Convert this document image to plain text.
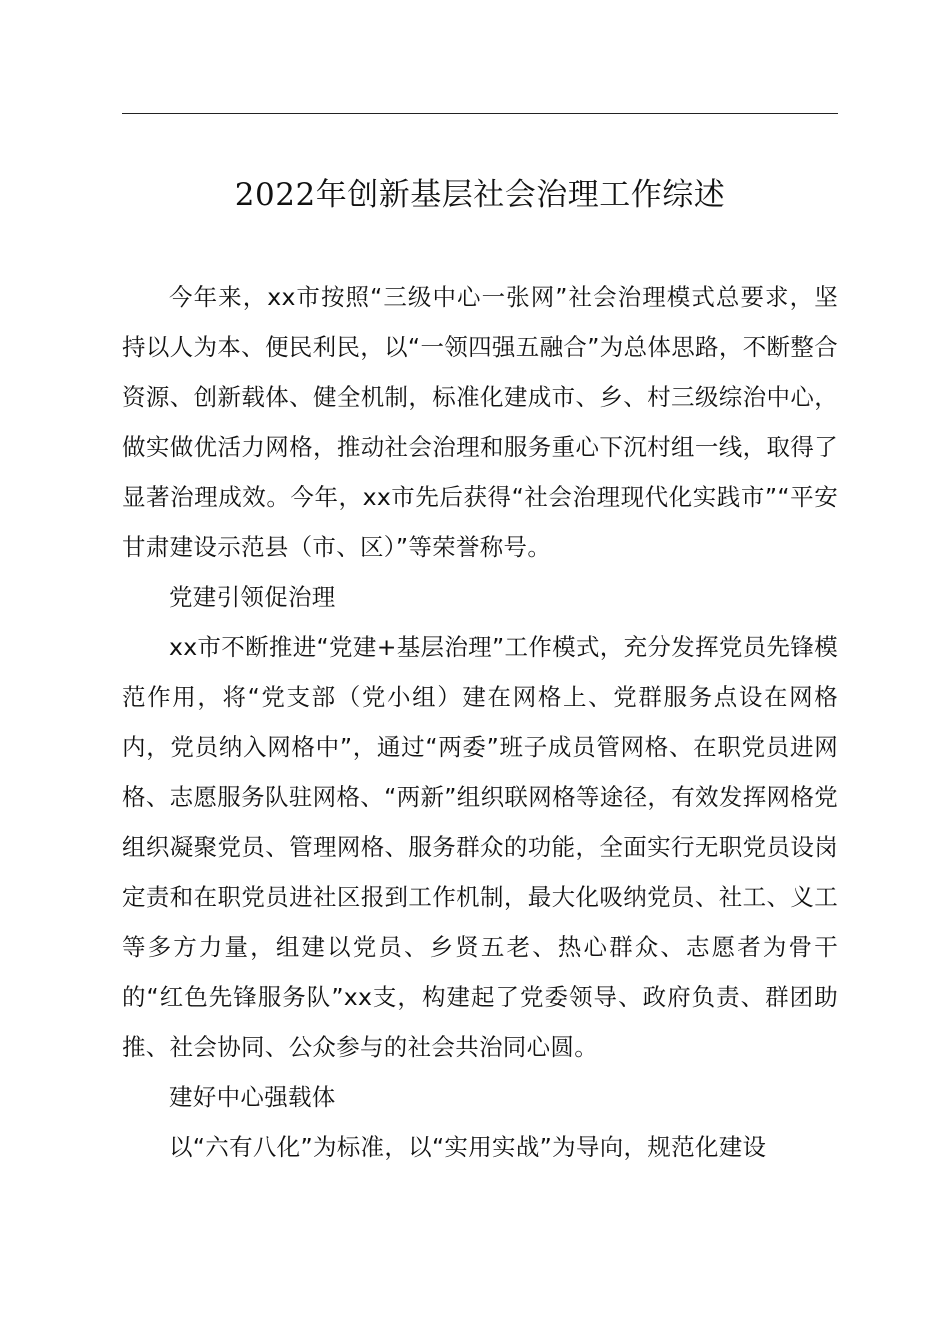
2022年创新基层社会治理工作综述

今年来，xx市按照“三级中心一张网”社会治理模式总要求，坚持以人为本、便民利民，以“一领四强五融合”为总体思路，不断整合资源、创新载体、健全机制，标准化建成市、乡、村三级综治中心，做实做优活力网格，推动社会治理和服务重心下沉村组一线，取得了显著治理成效。今年，xx市先后获得“社会治理现代化实践市”“平安甘肃建设示范县（市、区）”等荣誉称号。

党建引领促治理

xx市不断推进“党建+基层治理”工作模式，充分发挥党员先锋模范作用，将“党支部（党小组）建在网格上、党群服务点设在网格内，党员纳入网格中”，通过“两委”班子成员管网格、在职党员进网格、志愿服务队驻网格、“两新”组织联网格等途径，有效发挥网格党组织凝聚党员、管理网格、服务群众的功能，全面实行无职党员设岗定责和在职党员进社区报到工作机制，最大化吸纳党员、社工、义工等多方力量，组建以党员、乡贤五老、热心群众、志愿者为骨干的“红色先锋服务队”xx支，构建起了党委领导、政府负责、群团助推、社会协同、公众参与的社会共治同心圆。

建好中心强载体

以“六有八化”为标准，以“实用实战”为导向，规范化建设
